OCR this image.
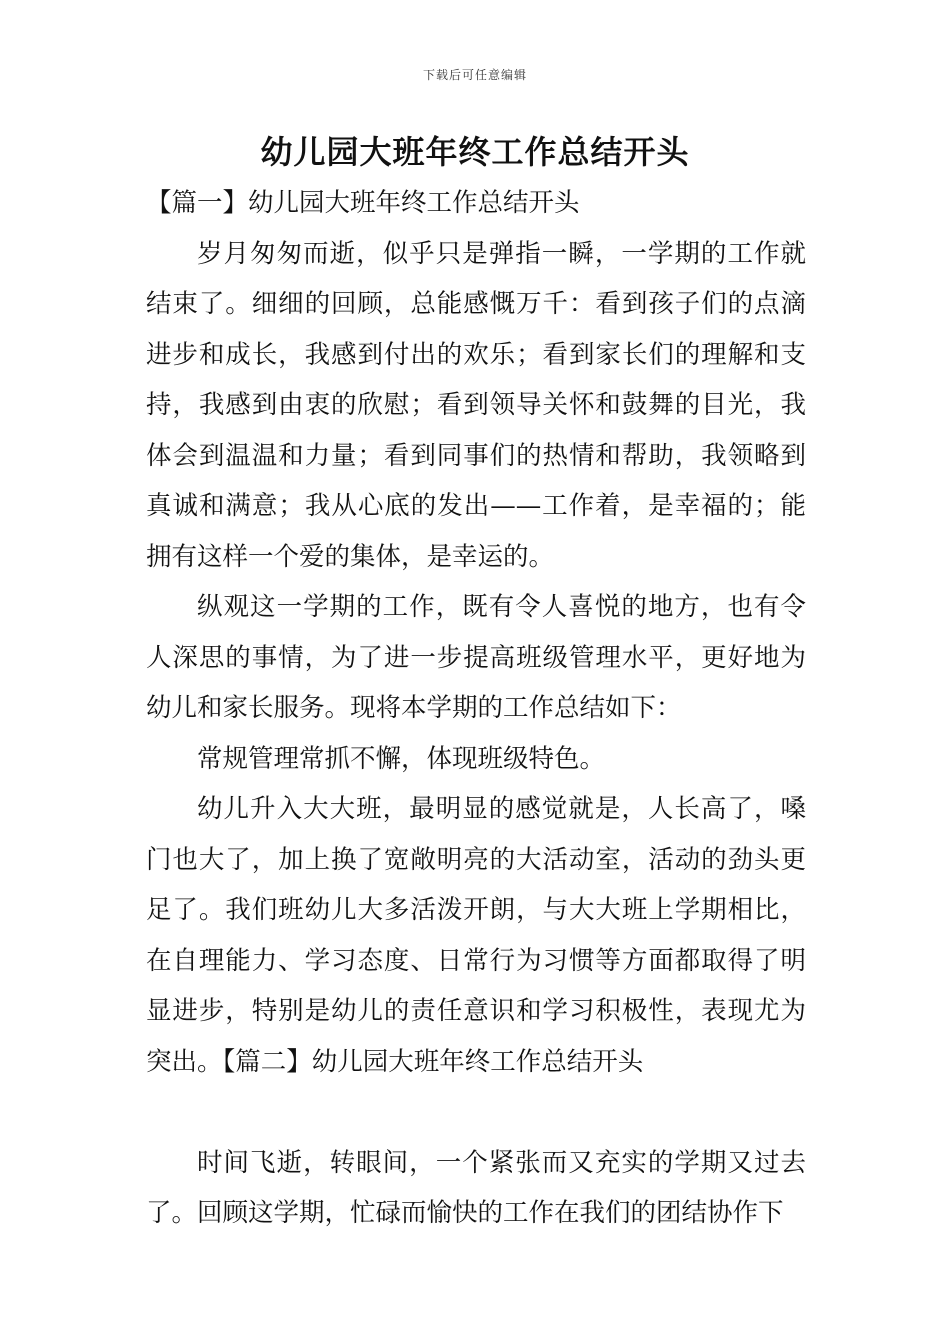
下载后可任意编辑
幼儿园大班年终工作总结开头

【篇一】幼儿园大班年终工作总结开头

岁月匆匆而逝，似乎只是弹指一瞬，一学期的工作就结束了。细细的回顾，总能感慨万千：看到孩子们的点滴进步和成长，我感到付出的欢乐；看到家长们的理解和支持，我感到由衷的欣慰；看到领导关怀和鼓舞的目光，我体会到温温和力量；看到同事们的热情和帮助，我领略到真诚和满意；我从心底的发出——工作着，是幸福的；能拥有这样一个爱的集体，是幸运的。

纵观这一学期的工作，既有令人喜悦的地方，也有令人深思的事情，为了进一步提高班级管理水平，更好地为幼儿和家长服务。现将本学期的工作总结如下：

常规管理常抓不懈，体现班级特色。

幼儿升入大大班，最明显的感觉就是，人长高了，嗓门也大了，加上换了宽敞明亮的大活动室，活动的劲头更足了。我们班幼儿大多活泼开朗，与大大班上学期相比，在自理能力、学习态度、日常行为习惯等方面都取得了明显进步，特别是幼儿的责任意识和学习积极性，表现尤为突出。【篇二】幼儿园大班年终工作总结开头

时间飞逝，转眼间，一个紧张而又充实的学期又过去了。回顾这学期，忙碌而愉快的工作在我们的团结协作下
